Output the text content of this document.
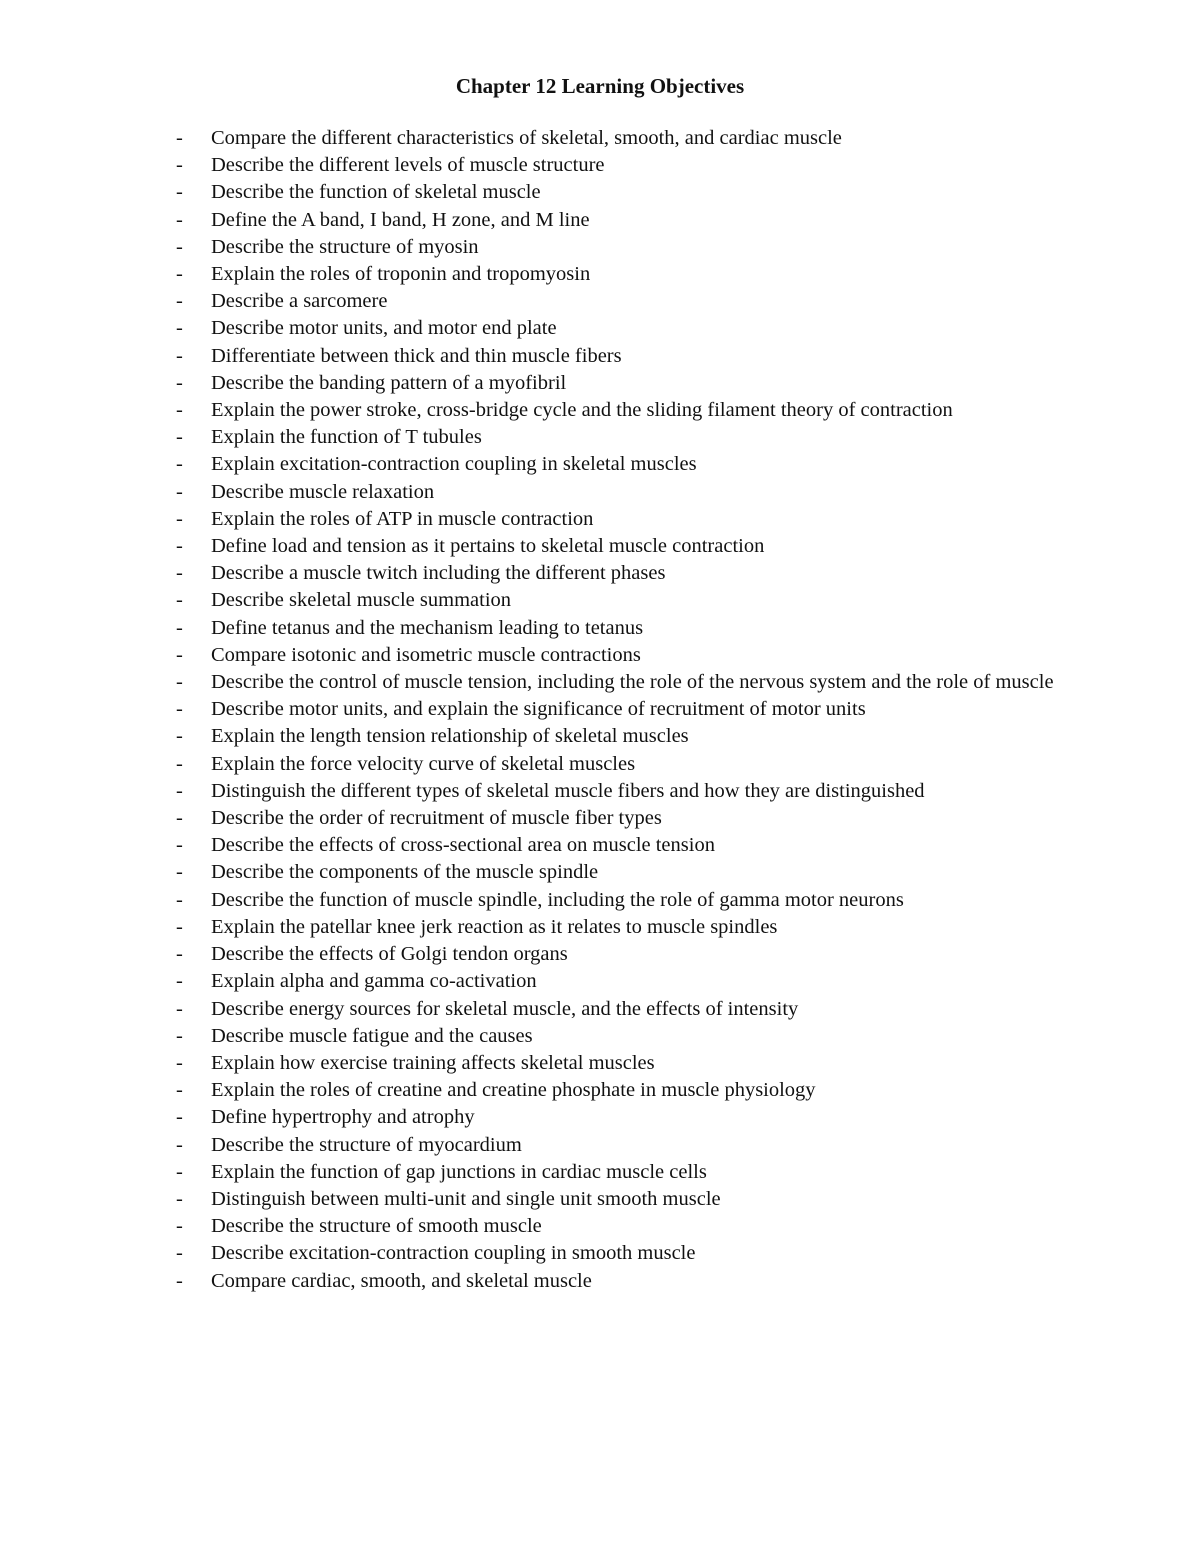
Chapter 12 Learning Objectives
- Compare the different characteristics of skeletal, smooth, and cardiac muscle
- Describe the different levels of muscle structure
- Describe the function of skeletal muscle
- Define the A band, I band, H zone, and M line
- Describe the structure of myosin
- Explain the roles of troponin and tropomyosin
- Describe a sarcomere
- Describe motor units, and motor end plate
- Differentiate between thick and thin muscle fibers
- Describe the banding pattern of a myofibril
- Explain the power stroke, cross-bridge cycle and the sliding filament theory of contraction
- Explain the function of T tubules
- Explain excitation-contraction coupling in skeletal muscles
- Describe muscle relaxation
- Explain the roles of ATP in muscle contraction
- Define load and tension as it pertains to skeletal muscle contraction
- Describe a muscle twitch including the different phases
- Describe skeletal muscle summation
- Define tetanus and the mechanism leading to tetanus
- Compare isotonic and isometric muscle contractions
- Describe the control of muscle tension, including the role of the nervous system and the role of muscle
- Describe motor units, and explain the significance of recruitment of motor units
- Explain the length tension relationship of skeletal muscles
- Explain the force velocity curve of skeletal muscles
- Distinguish the different types of skeletal muscle fibers and how they are distinguished
- Describe the order of recruitment of muscle fiber types
- Describe the effects of cross-sectional area on muscle tension
- Describe the components of the muscle spindle
- Describe the function of muscle spindle, including the role of gamma motor neurons
- Explain the patellar knee jerk reaction as it relates to muscle spindles
- Describe the effects of Golgi tendon organs
- Explain alpha and gamma co-activation
- Describe energy sources for skeletal muscle, and the effects of intensity
- Describe muscle fatigue and the causes
- Explain how exercise training affects skeletal muscles
- Explain the roles of creatine and creatine phosphate in muscle physiology
- Define hypertrophy and atrophy
- Describe the structure of myocardium
- Explain the function of gap junctions in cardiac muscle cells
- Distinguish between multi-unit and single unit smooth muscle
- Describe the structure of smooth muscle
- Describe excitation-contraction coupling in smooth muscle
- Compare cardiac, smooth, and skeletal muscle
